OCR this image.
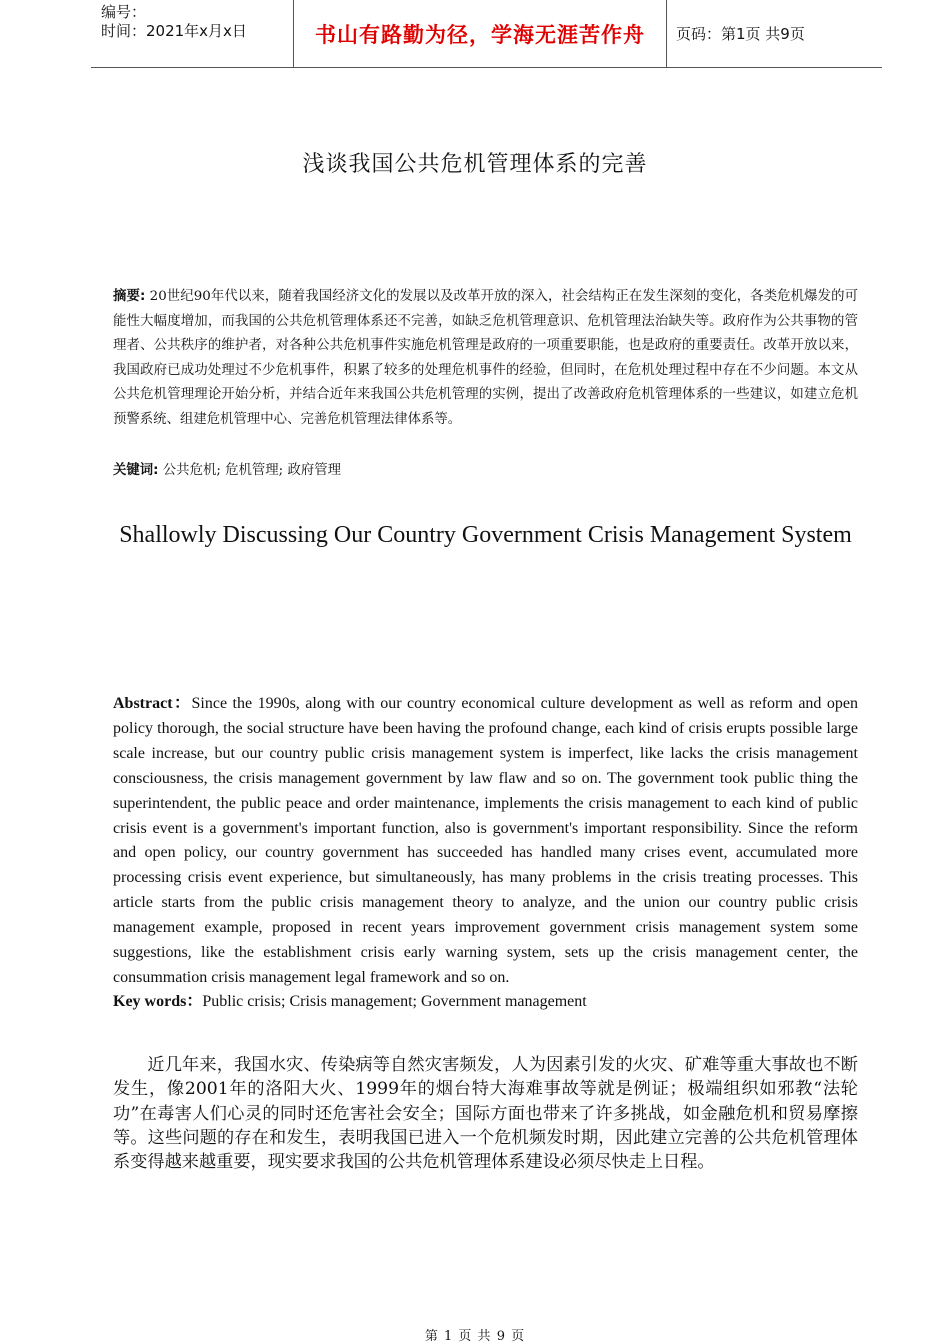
编号：
时间：2021年x月x日	书山有路勤为径，学海无涯苦作舟	页码：第1页 共9页
浅谈我国公共危机管理体系的完善
摘要: 20世纪90年代以来，随着我国经济文化的发展以及改革开放的深入，社会结构正在发生深刻的变化，各类危机爆发的可能性大幅度增加，而我国的公共危机管理体系还不完善，如缺乏危机管理意识、危机管理法治缺失等。政府作为公共事物的管理者、公共秩序的维护者，对各种公共危机事件实施危机管理是政府的一项重要职能，也是政府的重要责任。改革开放以来，我国政府已成功处理过不少危机事件，积累了较多的处理危机事件的经验，但同时，在危机处理过程中存在不少问题。本文从公共危机管理理论开始分析，并结合近年来我国公共危机管理的实例，提出了改善政府危机管理体系的一些建议，如建立危机预警系统、组建危机管理中心、完善危机管理法律体系等。
关键词: 公共危机; 危机管理; 政府管理
Shallowly Discussing Our Country Government Crisis Management System
Abstract：Since the 1990s, along with our country economical culture development as well as reform and open policy thorough, the social structure have been having the profound change, each kind of crisis erupts possible large scale increase, but our country public crisis management system is imperfect, like lacks the crisis management consciousness, the crisis management government by law flaw and so on. The government took public thing the superintendent, the public peace and order maintenance, implements the crisis management to each kind of public crisis event is a government's important function, also is government's important responsibility. Since the reform and open policy, our country government has succeeded has handled many crises event, accumulated more processing crisis event experience, but simultaneously, has many problems in the crisis treating processes. This article starts from the public crisis management theory to analyze, and the union our country public crisis management example, proposed in recent years improvement government crisis management system some suggestions, like the establishment crisis early warning system, sets up the crisis management center, the consummation crisis management legal framework and so on.
Key words：Public crisis; Crisis management; Government management
近几年来，我国水灾、传染病等自然灾害频发，人为因素引发的火灾、矿难等重大事故也不断发生，像2001年的洛阳大火、1999年的烟台特大海难事故等就是例证；极端组织如邪教“法轮功”在毒害人们心灵的同时还危害社会安全；国际方面也带来了许多挑战，如金融危机和贸易摩擦等。这些问题的存在和发生，表明我国已进入一个危机频发时期，因此建立完善的公共危机管理体系变得越来越重要，现实要求我国的公共危机管理体系建设必须尽快走上日程。
第 1 页 共 9 页
